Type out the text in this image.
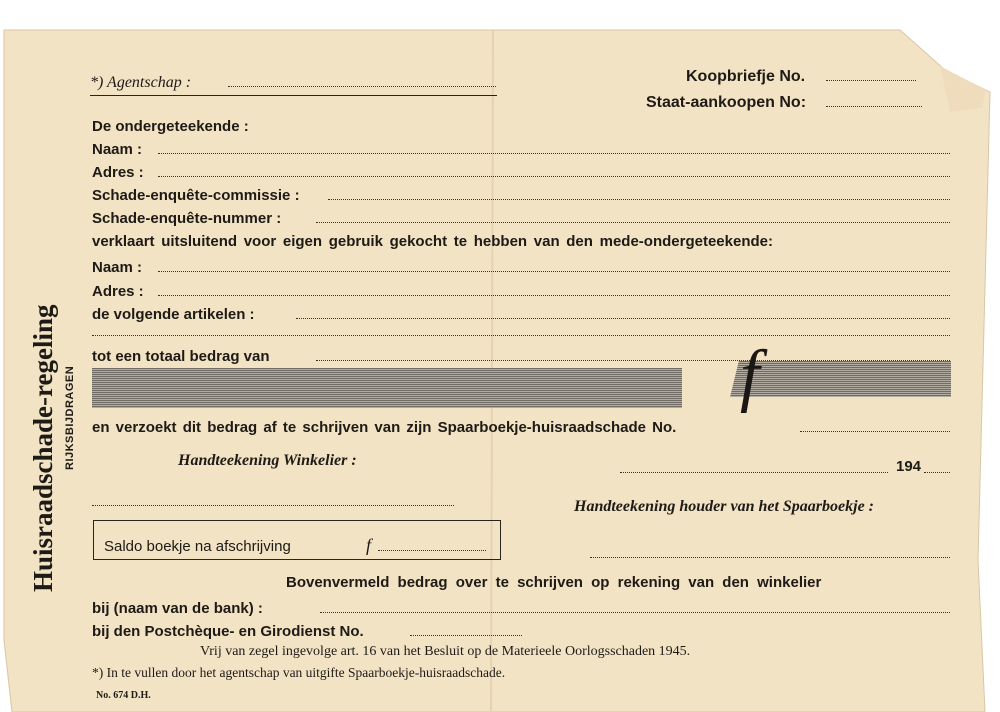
*) Agentschap :	Koopbriefje No.
Staat-aankoopen No:
Huisraadschade-regeling RIJKSBIJDRAGEN
De ondergeteekende :
Naam :
Adres :
Schade-enquête-commissie :
Schade-enquête-nummer :
verklaart uitsluitend voor eigen gebruik gekocht te hebben van den mede-ondergeteekende:
Naam :
Adres :
de volgende artikelen :
tot een totaal bedrag van	f
en verzoekt dit bedrag af te schrijven van zijn Spaarboekje-huisraadschade No.
Handteekening Winkelier :	194
Handteekening houder van het Spaarboekje :
Saldo boekje na afschrijving	f
Bovenvermeld bedrag over te schrijven op rekening van den winkelier
bij (naam van de bank) :
bij den Postchèque- en Girodienst No.
Vrij van zegel ingevolge art. 16 van het Besluit op de Materieele Oorlogsschaden 1945.
*) In te vullen door het agentschap van uitgifte Spaarboekje-huisraadschade.
No. 674 D.H.
